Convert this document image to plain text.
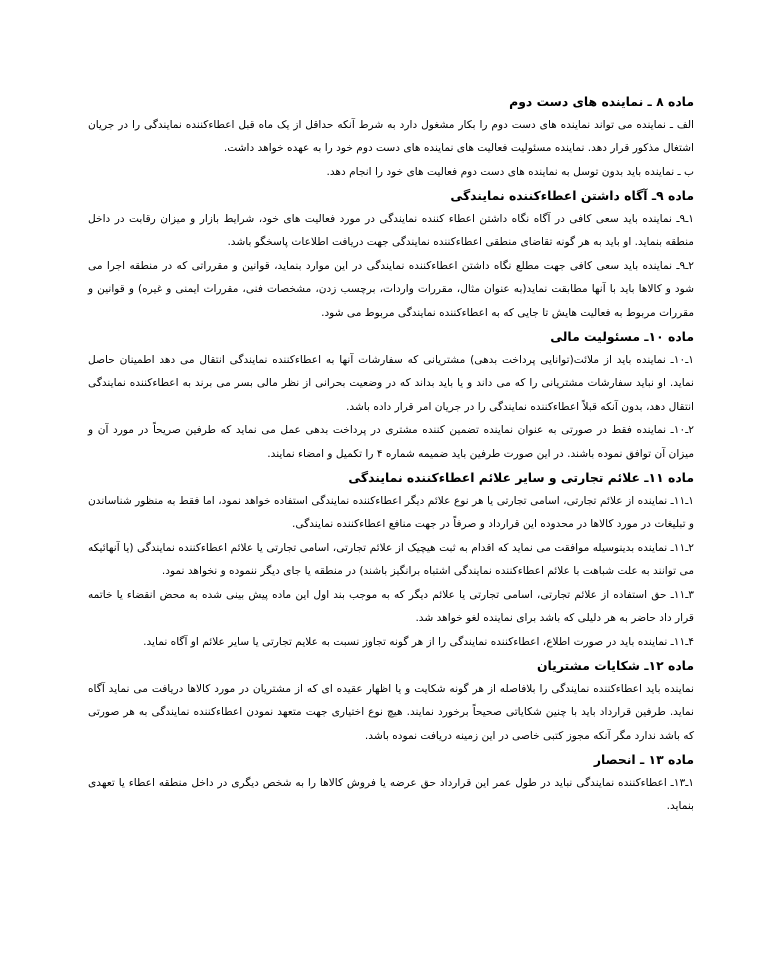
ماده ۸ ـ نماینده های دست دوم

الف ـ نماینده می تواند نماینده های دست دوم را بکار مشغول دارد به شرط آنکه حداقل از یک ماه قبل اعطاءکننده نمایندگی را در جریان اشتغال مذکور قرار دهد. نماینده مسئولیت فعالیت های نماینده های دست دوم خود را به عهده خواهد داشت.

ب ـ نماینده باید بدون توسل به نماینده های دست دوم فعالیت های خود را انجام دهد.

ماده ۹ـ آگاه داشتن اعطاءکننده نمایندگی

۱ـ۹ـ نماینده باید سعی کافی در آگاه نگاه داشتن اعطاء کننده نمایندگی در مورد فعالیت های خود، شرایط بازار و میزان رقابت در داخل منطقه بنماید. او باید به هر گونه تقاضای منطقی اعطاءکننده نمایندگی جهت دریافت اطلاعات پاسخگو باشد.

۲ـ۹ـ نماینده باید سعی کافی جهت مطلع نگاه داشتن اعطاءکننده نمایندگی در این موارد بنماید، قوانین و مقرراتی که در منطقه اجرا می شود و کالاها باید با آنها مطابقت نماید(به عنوان مثال، مقررات واردات، برچسب زدن، مشخصات فنی، مقررات ایمنی و غیره) و قوانین و مقررات مربوط به فعالیت هایش تا جایی که به اعطاءکننده نمایندگی مربوط می شود.

ماده ۱۰ـ مسئولیت مالی

۱ـ۱۰ـ نماینده باید از ملائت(توانایی پرداخت بدهی) مشتریانی که سفارشات آنها به اعطاءکننده نمایندگی انتقال می دهد اطمینان حاصل نماید. او نباید سفارشات مشتریانی را که می داند و یا باید بداند که در وضعیت بحرانی از نظر مالی بسر می برند به اعطاءکننده نمایندگی انتقال دهد، بدون آنکه قبلاً اعطاءکننده نمایندگی را در جریان امر قرار داده باشد.

۲ـ۱۰ـ نماینده فقط در صورتی به عنوان نماینده تضمین کننده مشتری در پرداخت بدهی عمل می نماید که طرفین صریحاً در مورد آن و میزان آن توافق نموده باشند. در این صورت طرفین باید ضمیمه شماره ۴ را تکمیل و امضاء نمایند.

ماده ۱۱ـ علائم تجارتی و سایر علائم اعطاءکننده نمایندگی

۱ـ۱۱ـ نماینده از علائم تجارتی، اسامی تجارتی یا هر نوع علائم دیگر اعطاءکننده نمایندگی استفاده خواهد نمود، اما فقط به منظور شناساندن و تبلیغات در مورد کالاها در محدوده این قرارداد و صرفاً در جهت منافع اعطاءکننده نمایندگی.

۲ـ۱۱ـ نماینده بدینوسیله موافقت می نماید که اقدام به ثبت هیچیک از علائم تجارتی، اسامی تجارتی یا علائم اعطاءکننده نمایندگی (یا آنهائیکه می توانند به علت شباهت با علائم اعطاءکننده نمایندگی اشتباه برانگیز باشند) در منطقه یا جای دیگر ننموده و نخواهد نمود.

۳ـ۱۱ـ حق استفاده از علائم تجارتی، اسامی تجارتی یا علائم دیگر که به موجب بند اول این ماده پیش بینی شده به محض انقضاء یا خاتمه قرار داد حاضر به هر دلیلی که باشد برای نماینده لغو خواهد شد.

۴ـ۱۱ـ نماینده باید در صورت اطلاع، اعطاءکننده نمایندگی را از هر گونه تجاوز نسبت به علایم تجارتی یا سایر علائم او آگاه نماید.

ماده ۱۲ـ شکایات مشتریان

نماینده باید اعطاءکننده نمایندگی را بلافاصله از هر گونه شکایت و یا اظهار عقیده ای که از مشتریان در مورد کالاها دریافت می نماید آگاه نماید. طرفین قرارداد باید با چنین شکایاتی صحیحاً برخورد نمایند. هیچ نوع اختیاری جهت متعهد نمودن اعطاءکننده نمایندگی به هر صورتی که باشد ندارد مگر آنکه مجوز کتبی خاصی در این زمینه دریافت نموده باشد.

ماده ۱۳ ـ انحصار

۱ـ۱۳ـ اعطاءکننده نمایندگی نباید در طول عمر این قرارداد حق عرضه یا فروش کالاها را به شخص دیگری در داخل منطقه اعطاء یا تعهدی بنماید.
